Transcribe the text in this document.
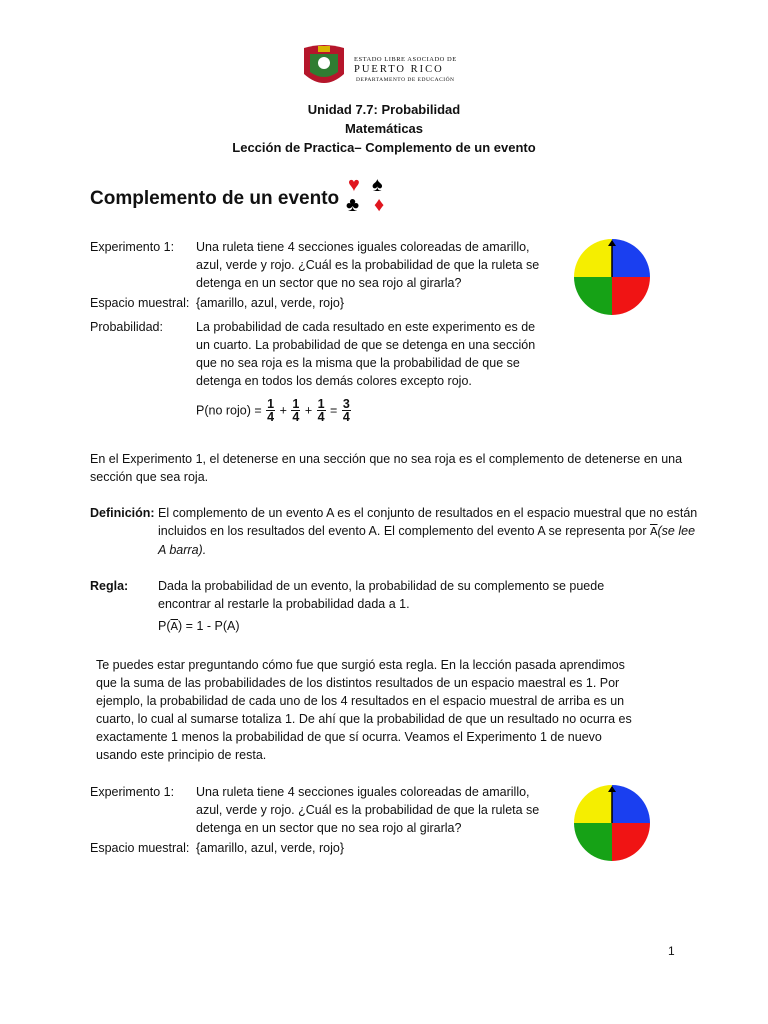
ESTADO LIBRE ASOCIADO DE
PUERTO RICO
DEPARTAMENTO DE EDUCACIÓN
Unidad 7.7: Probabilidad
Matemáticas
Lección de Practica– Complemento de un evento
Complemento de un evento
♥ ♠
♣ ♦
Experimento 1: Una ruleta tiene 4 secciones iguales coloreadas de amarillo, azul, verde y rojo. ¿Cuál es la probabilidad de que la ruleta se detenga en un sector que no sea rojo al girarla?
Espacio muestral: {amarillo, azul, verde, rojo}
Probabilidad:	La probabilidad de cada resultado en este experimento es de un cuarto. La probabilidad de que se detenga en una sección que no sea roja es la misma que la probabilidad de que se detenga en todos los demás colores excepto rojo.
P(no rojo) = $\frac{1}{4} + \frac{1}{4} + \frac{1}{4} = \frac{3}{4}$
En el Experimento 1, el detenerse en una sección que no sea roja es el complemento de detenerse en una sección que sea roja.
Definición: El complemento de un evento A es el conjunto de resultados en el espacio muestral que no están incluidos en los resultados del evento A. El complemento del evento A se representa por $\overline{A}(se$ lee A barra).
Regla: Dada la probabilidad de un evento, la probabilidad de su complemento se puede encontrar al restarle la probabilidad dada a 1.
$P(\overline{A}) = 1 - P(A)$
Te puedes estar preguntando cómo fue que surgió esta regla. En la lección pasada aprendimos que la suma de las probabilidades de los distintos resultados de un espacio maestral es 1. Por ejemplo, la probabilidad de cada uno de los 4 resultados en el espacio muestral de arriba es un cuarto, lo cual al sumarse totaliza 1. De ahí que la probabilidad de que un resultado no ocurra es exactamente 1 menos la probabilidad de que sí ocurra. Veamos el Experimento 1 de nuevo usando este principio de resta.
Experimento 1: Una ruleta tiene 4 secciones iguales coloreadas de amarillo, azul, verde y rojo. ¿Cuál es la probabilidad de que la ruleta se detenga en un sector que no sea rojo al girarla?
Espacio muestral: {amarillo, azul, verde, rojo}
1
